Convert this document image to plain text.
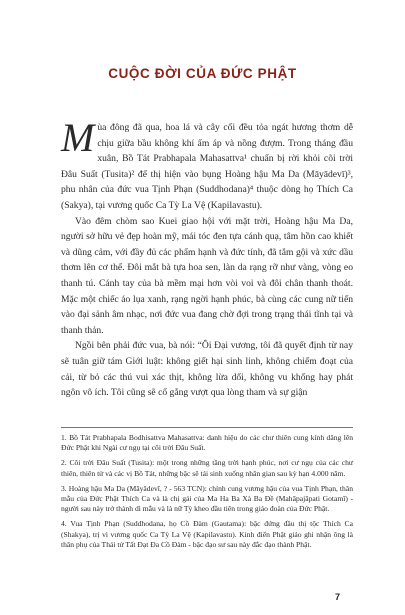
CUỘC ĐỜI CỦA ĐỨC PHẬT

Mùa đông đã qua, hoa lá và cây cối đều tỏa ngát hương thơm dễ chịu giữa bầu không khí ấm áp và nồng đượm. Trong tháng đầu xuân, Bồ Tát Prabhapala Mahasattva¹ chuẩn bị rời khỏi cõi trời Đâu Suất (Tusita)² để thị hiện vào bụng Hoàng hậu Ma Da (Māyādevī)³, phu nhân của đức vua Tịnh Phạn (Suddhodana)⁴ thuộc dòng họ Thích Ca (Sakya), tại vương quốc Ca Tỳ La Vệ (Kapilavastu).

Vào đêm chòm sao Kuei giao hội với mặt trời, Hoàng hậu Ma Da, người sở hữu vẻ đẹp hoàn mỹ, mái tóc đen tựa cánh quạ, tâm hồn cao khiết và dũng cảm, với đầy đủ các phẩm hạnh và đức tính, đã tắm gội và xức dầu thơm lên cơ thể. Đôi mắt bà tựa hoa sen, làn da rạng rỡ như vàng, vòng eo thanh tú. Cánh tay của bà mềm mại hơn vòi voi và đôi chân thanh thoát. Mặc một chiếc áo lụa xanh, rạng ngời hạnh phúc, bà cùng các cung nữ tiến vào đại sảnh âm nhạc, nơi đức vua đang chờ đợi trong trạng thái tĩnh tại và thanh thản.

Ngồi bên phải đức vua, bà nói: “Ôi Đại vương, tôi đã quyết định từ nay sẽ tuân giữ tám Giới luật: không giết hại sinh linh, không chiếm đoạt của cải, từ bỏ các thú vui xác thịt, không lừa dối, không vu khống hay phát ngôn vô ích. Tôi cũng sẽ cố gắng vượt qua lòng tham và sự giận

1. Bồ Tát Prabhapala Bodhisattva Mahasattva: danh hiệu do các chư thiên cung kính dâng lên Đức Phật khi Ngài cư ngụ tại cõi trời Đâu Suất.

2. Cõi trời Đâu Suất (Tusita): một trong những tầng trời hạnh phúc, nơi cư ngụ của các chư thiên, thiên tử và các vị Bồ Tát, những bậc sẽ tái sinh xuống nhân gian sau kỳ hạn 4.000 năm.

3. Hoàng hậu Ma Da (Māyādevī, ? - 563 TCN): chính cung vương hậu của vua Tịnh Phạn, thân mẫu của Đức Phật Thích Ca và là chị gái của Ma Ha Ba Xà Ba Đề (Mahāpajāpati Gotamī) - người sau này trở thành dì mẫu và là nữ Tỳ kheo đầu tiên trong giáo đoàn của Đức Phật.

4. Vua Tịnh Phạn (Suddhodana, họ Cồ Đàm (Gautama): bậc đứng đầu thị tộc Thích Ca (Shakya), trị vì vương quốc Ca Tỳ La Vệ (Kapilavastu). Kinh điển Phật giáo ghi nhận ông là thân phụ của Thái tử Tất Đạt Đa Cồ Đàm - bậc đạo sư sau này đắc đạo thành Phật.

7
